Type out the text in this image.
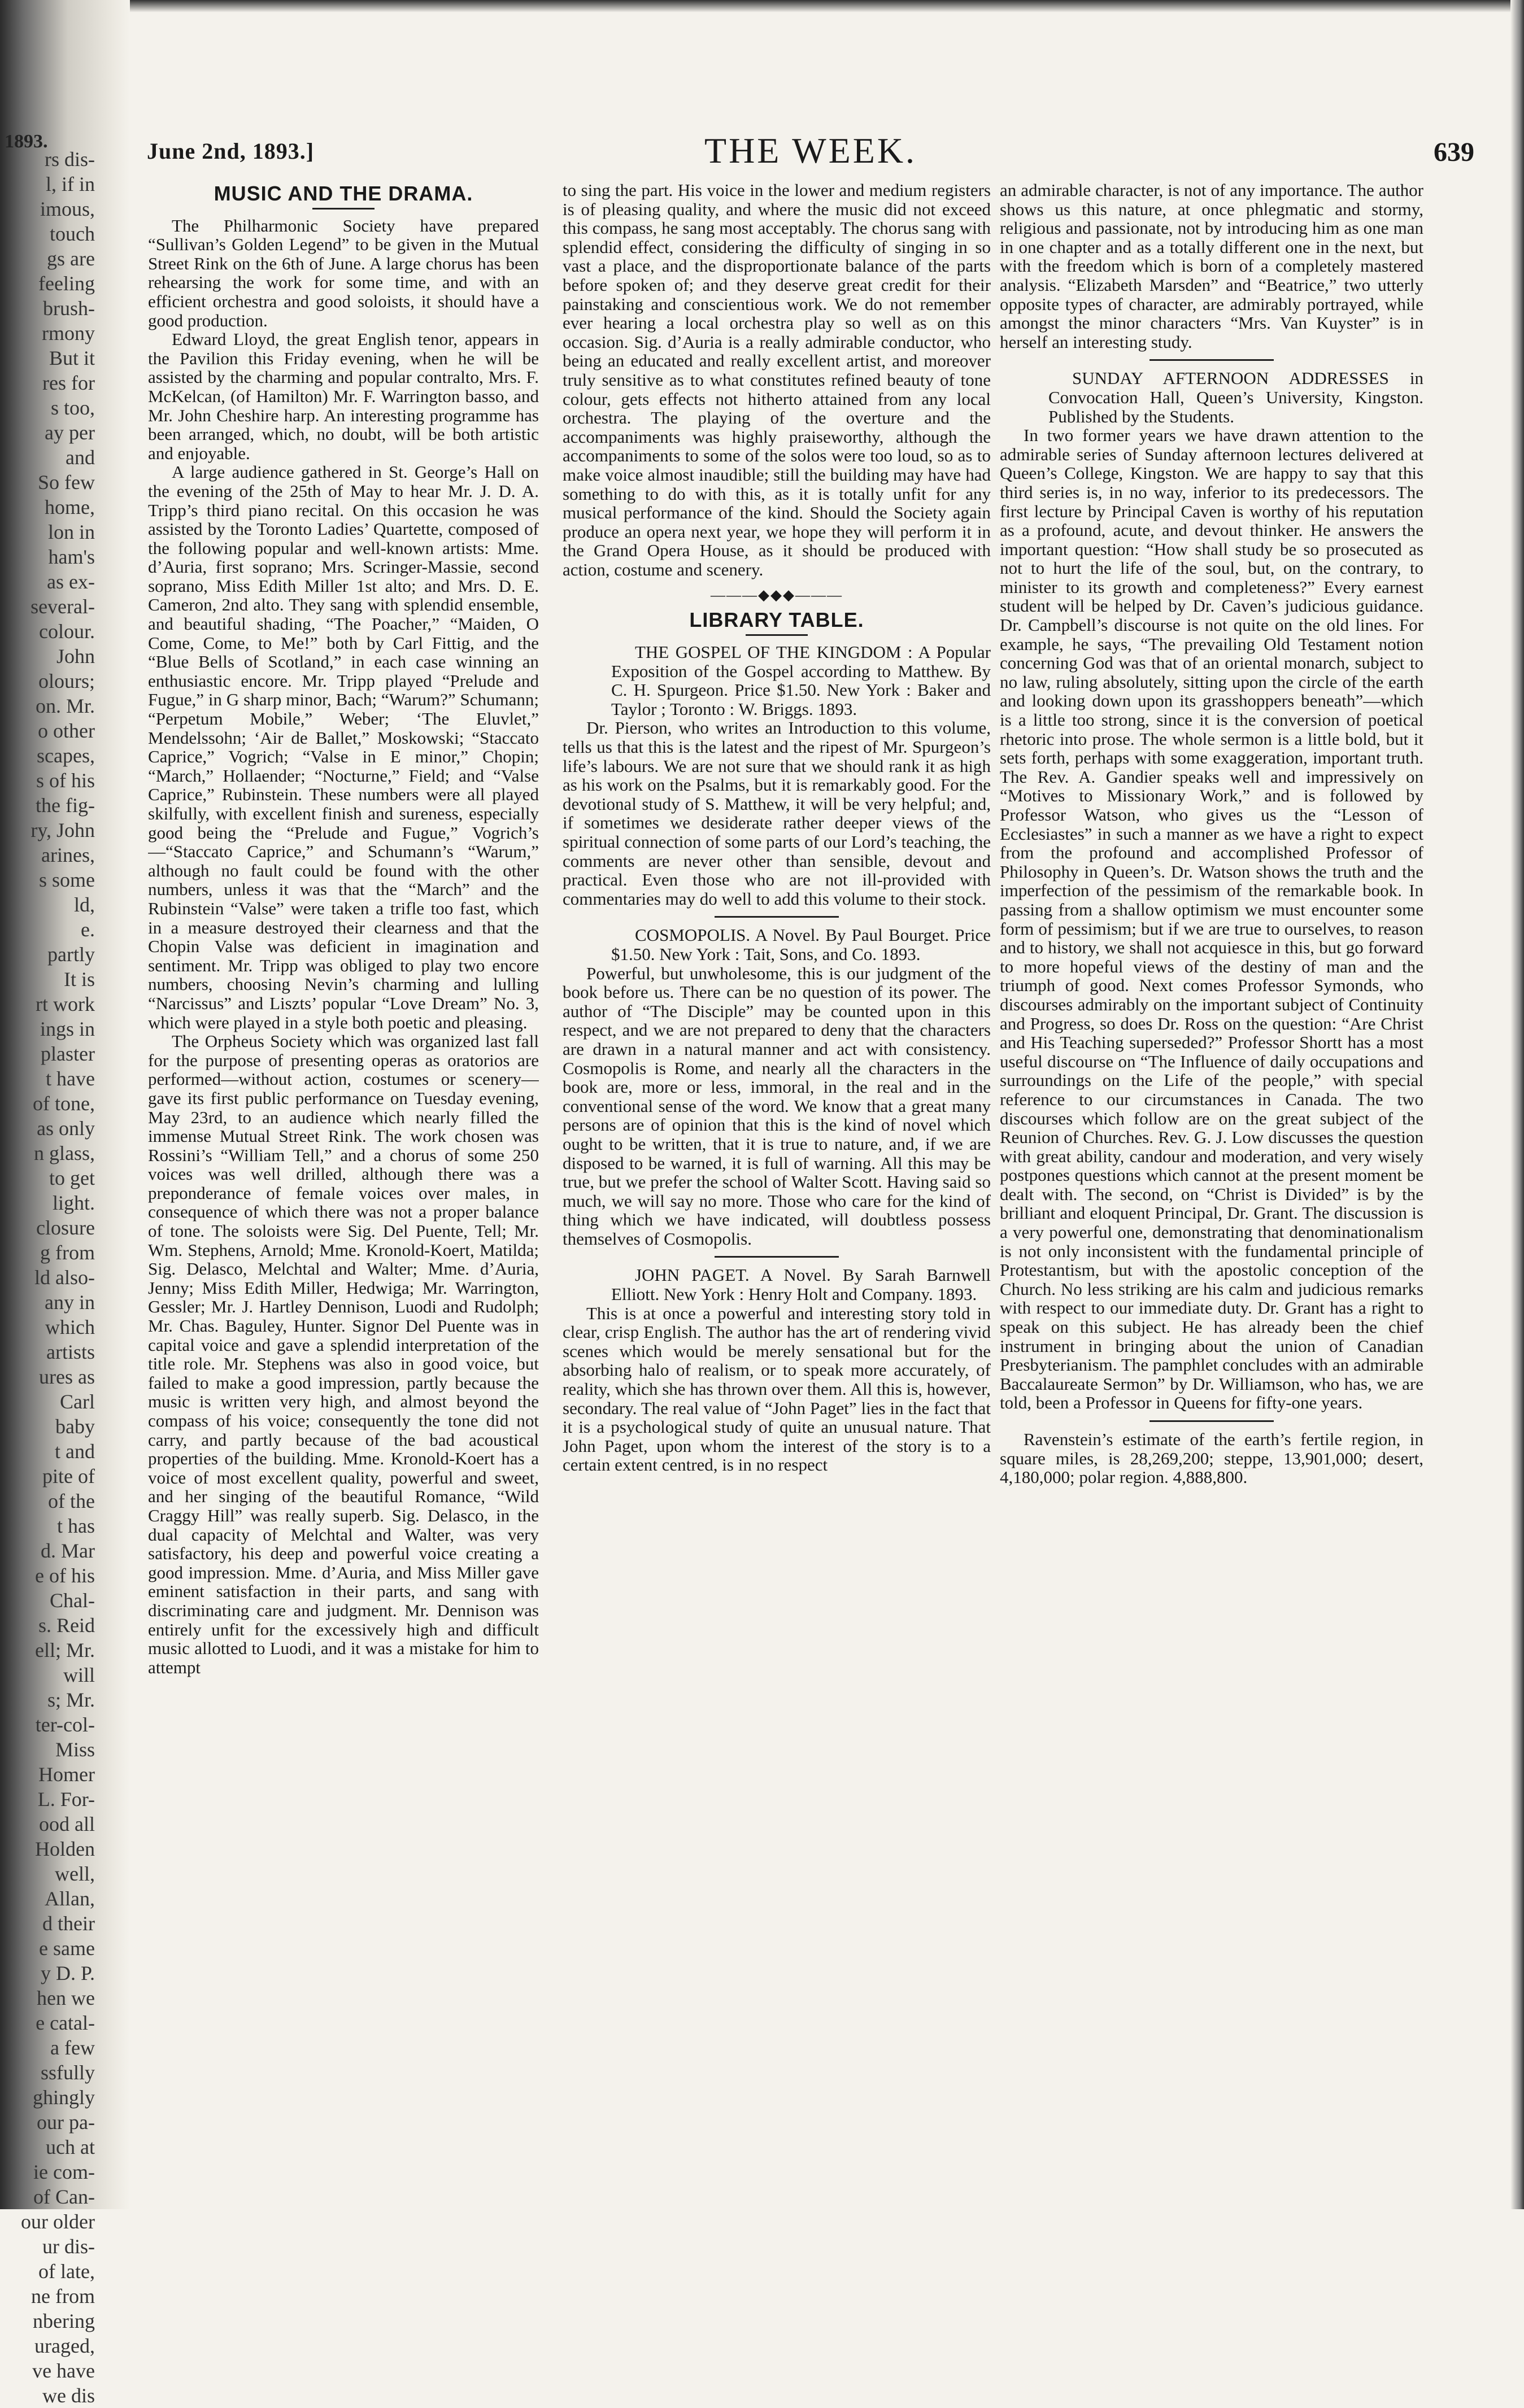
1893.
rs dis-
l, if in
imous,
touch
gs are
feeling
brush-
rmony
But it
res for
s too,
ay per
and
So few
home,
lon in
ham's
as ex-
several-
colour.
John
olours;
on. Mr.
o other
scapes,
s of his
the fig-
ry, John
arines,
s some
ld,
e.
partly
It is
rt work
ings in
plaster
t have
of tone,
as only
n glass,
to get
light.
closure
g from
ld also-
any in
which
artists
ures as
Carl
baby
t and
pite of
of the
t has
d. Mar
e of his
Chal-
s. Reid
ell; Mr.
will
s; Mr.
ter-col-
Miss
Homer
L. For-
ood all
Holden
well,
Allan,
d their
e same
y D. P.
hen we
e catal-
a few
ssfully
ghingly
our pa-
uch at
ie com-
of Can-
our older
ur dis-
of late,
ne from
nbering
uraged,
ve have
we dis
June 2nd, 1893.]	THE WEEK.	639
MUSIC AND THE DRAMA.

The Philharmonic Society have prepared “Sullivan’s Golden Legend” to be given in the Mutual Street Rink on the 6th of June. A large chorus has been rehearsing the work for some time, and with an efficient orchestra and good soloists, it should have a good production.

Edward Lloyd, the great English tenor, appears in the Pavilion this Friday evening, when he will be assisted by the charming and popular contralto, Mrs. F. McKelcan, (of Hamilton) Mr. F. Warrington basso, and Mr. John Cheshire harp. An interesting programme has been arranged, which, no doubt, will be both artistic and enjoyable.

A large audience gathered in St. George’s Hall on the evening of the 25th of May to hear Mr. J. D. A. Tripp’s third piano recital. On this occasion he was assisted by the Toronto Ladies’ Quartette, composed of the following popular and well-known artists: Mme. d’Auria, first soprano; Mrs. Scringer-Massie, second soprano, Miss Edith Miller 1st alto; and Mrs. D. E. Cameron, 2nd alto. They sang with splendid ensemble, and beautiful shading, “The Poacher,” “Maiden, O Come, Come, to Me!” both by Carl Fittig, and the “Blue Bells of Scotland,” in each case winning an enthusiastic encore. Mr. Tripp played “Prelude and Fugue,” in G sharp minor, Bach; “Warum?” Schumann; “Perpetum Mobile,” Weber; ‘The Eluvlet,” Mendelssohn; ‘Air de Ballet,” Moskowski; “Staccato Caprice,” Vogrich; “Valse in E minor,” Chopin; “March,” Hollaender; “Nocturne,” Field; and “Valse Caprice,” Rubinstein. These numbers were all played skilfully, with excellent finish and sureness, especially good being the “Prelude and Fugue,” Vogrich’s—“Staccato Caprice,” and Schumann’s “Warum,” although no fault could be found with the other numbers, unless it was that the “March” and the Rubinstein “Valse” were taken a trifle too fast, which in a measure destroyed their clearness and that the Chopin Valse was deficient in imagination and sentiment. Mr. Tripp was obliged to play two encore numbers, choosing Nevin’s charming and lulling “Narcissus” and Liszts’ popular “Love Dream” No. 3, which were played in a style both poetic and pleasing.

The Orpheus Society which was organized last fall for the purpose of presenting operas as oratorios are performed—without action, costumes or scenery—gave its first public performance on Tuesday evening, May 23rd, to an audience which nearly filled the immense Mutual Street Rink. The work chosen was Rossini’s “William Tell,” and a chorus of some 250 voices was well drilled, although there was a preponderance of female voices over males, in consequence of which there was not a proper balance of tone. The soloists were Sig. Del Puente, Tell; Mr. Wm. Stephens, Arnold; Mme. Kronold-Koert, Matilda; Sig. Delasco, Melchtal and Walter; Mme. d’Auria, Jenny; Miss Edith Miller, Hedwiga; Mr. Warrington, Gessler; Mr. J. Hartley Dennison, Luodi and Rudolph; Mr. Chas. Baguley, Hunter. Signor Del Puente was in capital voice and gave a splendid interpretation of the title role. Mr. Stephens was also in good voice, but failed to make a good impression, partly because the music is written very high, and almost beyond the compass of his voice; consequently the tone did not carry, and partly because of the bad acoustical properties of the building. Mme. Kronold-Koert has a voice of most excellent quality, powerful and sweet, and her singing of the beautiful Romance, “Wild Craggy Hill” was really superb. Sig. Delasco, in the dual capacity of Melchtal and Walter, was very satisfactory, his deep and powerful voice creating a good impression. Mme. d’Auria, and Miss Miller gave eminent satisfaction in their parts, and sang with discriminating care and judgment. Mr. Dennison was entirely unfit for the excessively high and difficult music allotted to Luodi, and it was a mistake for him to attempt

to sing the part. His voice in the lower and medium registers is of pleasing quality, and where the music did not exceed this compass, he sang most acceptably. The chorus sang with splendid effect, considering the difficulty of singing in so vast a place, and the disproportionate balance of the parts before spoken of; and they deserve great credit for their painstaking and conscientious work. We do not remember ever hearing a local orchestra play so well as on this occasion. Sig. d’Auria is a really admirable conductor, who being an educated and really excellent artist, and moreover truly sensitive as to what constitutes refined beauty of tone colour, gets effects not hitherto attained from any local orchestra. The playing of the overture and the accompaniments was highly praiseworthy, although the accompaniments to some of the solos were too loud, so as to make voice almost inaudible; still the building may have had something to do with this, as it is totally unfit for any musical performance of the kind. Should the Society again produce an opera next year, we hope they will perform it in the Grand Opera House, as it should be produced with action, costume and scenery.

———◆◆◆———
LIBRARY TABLE.

THE GOSPEL OF THE KINGDOM : A Popular Exposition of the Gospel according to Matthew. By C. H. Spurgeon. Price $1.50. New York : Baker and Taylor ; Toronto : W. Briggs. 1893.

Dr. Pierson, who writes an Introduction to this volume, tells us that this is the latest and the ripest of Mr. Spurgeon’s life’s labours. We are not sure that we should rank it as high as his work on the Psalms, but it is remarkably good. For the devotional study of S. Matthew, it will be very helpful; and, if sometimes we desiderate rather deeper views of the spiritual connection of some parts of our Lord’s teaching, the comments are never other than sensible, devout and practical. Even those who are not ill-provided with commentaries may do well to add this volume to their stock.

COSMOPOLIS. A Novel. By Paul Bourget. Price $1.50. New York : Tait, Sons, and Co. 1893.

Powerful, but unwholesome, this is our judgment of the book before us. There can be no question of its power. The author of “The Disciple” may be counted upon in this respect, and we are not prepared to deny that the characters are drawn in a natural manner and act with consistency. Cosmopolis is Rome, and nearly all the characters in the book are, more or less, immoral, in the real and in the conventional sense of the word. We know that a great many persons are of opinion that this is the kind of novel which ought to be written, that it is true to nature, and, if we are disposed to be warned, it is full of warning. All this may be true, but we prefer the school of Walter Scott. Having said so much, we will say no more. Those who care for the kind of thing which we have indicated, will doubtless possess themselves of Cosmopolis.

JOHN PAGET. A Novel. By Sarah Barnwell Elliott. New York : Henry Holt and Company. 1893.

This is at once a powerful and interesting story told in clear, crisp English. The author has the art of rendering vivid scenes which would be merely sensational but for the absorbing halo of realism, or to speak more accurately, of reality, which she has thrown over them. All this is, however, secondary. The real value of “John Paget” lies in the fact that it is a psychological study of quite an unusual nature. That John Paget, upon whom the interest of the story is to a certain extent centred, is in no respect

an admirable character, is not of any importance. The author shows us this nature, at once phlegmatic and stormy, religious and passionate, not by introducing him as one man in one chapter and as a totally different one in the next, but with the freedom which is born of a completely mastered analysis. “Elizabeth Marsden” and “Beatrice,” two utterly opposite types of character, are admirably portrayed, while amongst the minor characters “Mrs. Van Kuyster” is in herself an interesting study.

SUNDAY AFTERNOON ADDRESSES in Convocation Hall, Queen’s University, Kingston. Published by the Students.

In two former years we have drawn attention to the admirable series of Sunday afternoon lectures delivered at Queen’s College, Kingston. We are happy to say that this third series is, in no way, inferior to its predecessors. The first lecture by Principal Caven is worthy of his reputation as a profound, acute, and devout thinker. He answers the important question: “How shall study be so prosecuted as not to hurt the life of the soul, but, on the contrary, to minister to its growth and completeness?” Every earnest student will be helped by Dr. Caven’s judicious guidance. Dr. Campbell’s discourse is not quite on the old lines. For example, he says, “The prevailing Old Testament notion concerning God was that of an oriental monarch, subject to no law, ruling absolutely, sitting upon the circle of the earth and looking down upon its grasshoppers beneath”—which is a little too strong, since it is the conversion of poetical rhetoric into prose. The whole sermon is a little bold, but it sets forth, perhaps with some exaggeration, important truth. The Rev. A. Gandier speaks well and impressively on “Motives to Missionary Work,” and is followed by Professor Watson, who gives us the “Lesson of Ecclesiastes” in such a manner as we have a right to expect from the profound and accomplished Professor of Philosophy in Queen’s. Dr. Watson shows the truth and the imperfection of the pessimism of the remarkable book. In passing from a shallow optimism we must encounter some form of pessimism; but if we are true to ourselves, to reason and to history, we shall not acquiesce in this, but go forward to more hopeful views of the destiny of man and the triumph of good. Next comes Professor Symonds, who discourses admirably on the important subject of Continuity and Progress, so does Dr. Ross on the question: “Are Christ and His Teaching superseded?” Professor Shortt has a most useful discourse on “The Influence of daily occupations and surroundings on the Life of the people,” with special reference to our circumstances in Canada. The two discourses which follow are on the great subject of the Reunion of Churches. Rev. G. J. Low discusses the question with great ability, candour and moderation, and very wisely postpones questions which cannot at the present moment be dealt with. The second, on “Christ is Divided” is by the brilliant and eloquent Principal, Dr. Grant. The discussion is a very powerful one, demonstrating that denominationalism is not only inconsistent with the fundamental principle of Protestantism, but with the apostolic conception of the Church. No less striking are his calm and judicious remarks with respect to our immediate duty. Dr. Grant has a right to speak on this subject. He has already been the chief instrument in bringing about the union of Canadian Presbyterianism. The pamphlet concludes with an admirable Baccalaureate Sermon” by Dr. Williamson, who has, we are told, been a Professor in Queens for fifty-one years.

Ravenstein’s estimate of the earth’s fertile region, in square miles, is 28,269,200; steppe, 13,901,000; desert, 4,180,000; polar region. 4,888,800.
